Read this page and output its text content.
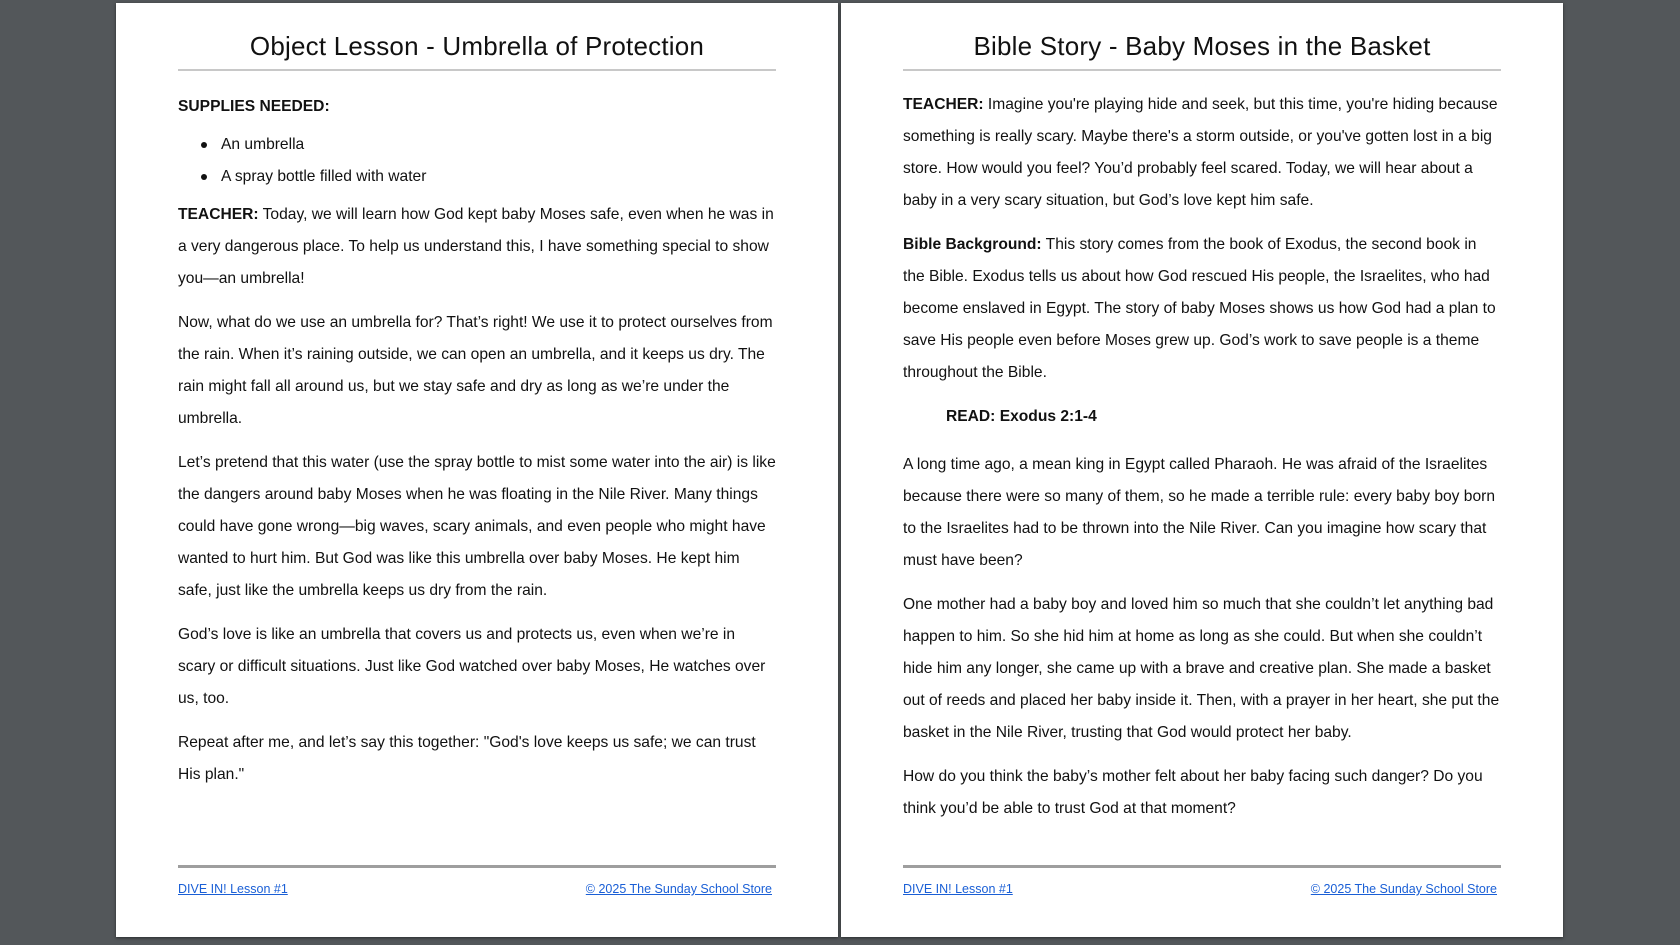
Object Lesson - Umbrella of Protection

SUPPLIES NEEDED:

An umbrella
A spray bottle filled with water

TEACHER: Today, we will learn how God kept baby Moses safe, even when he was in a very dangerous place. To help us understand this, I have something special to show you—an umbrella!

Now, what do we use an umbrella for? That’s right! We use it to protect ourselves from the rain. When it’s raining outside, we can open an umbrella, and it keeps us dry. The rain might fall all around us, but we stay safe and dry as long as we’re under the umbrella.

Let’s pretend that this water (use the spray bottle to mist some water into the air) is like the dangers around baby Moses when he was floating in the Nile River. Many things could have gone wrong—big waves, scary animals, and even people who might have wanted to hurt him. But God was like this umbrella over baby Moses. He kept him safe, just like the umbrella keeps us dry from the rain.

God’s love is like an umbrella that covers us and protects us, even when we’re in scary or difficult situations. Just like God watched over baby Moses, He watches over us, too.

Repeat after me, and let’s say this together: "God's love keeps us safe; we can trust His plan."

DIVE IN! Lesson #1	© 2025 The Sunday School Store
Bible Story - Baby Moses in the Basket

TEACHER: Imagine you're playing hide and seek, but this time, you're hiding because something is really scary. Maybe there's a storm outside, or you've gotten lost in a big store. How would you feel? You’d probably feel scared. Today, we will hear about a baby in a very scary situation, but God’s love kept him safe.

Bible Background: This story comes from the book of Exodus, the second book in the Bible. Exodus tells us about how God rescued His people, the Israelites, who had become enslaved in Egypt. The story of baby Moses shows us how God had a plan to save His people even before Moses grew up. God’s work to save people is a theme throughout the Bible.

READ: Exodus 2:1-4

A long time ago, a mean king in Egypt called Pharaoh. He was afraid of the Israelites because there were so many of them, so he made a terrible rule: every baby boy born to the Israelites had to be thrown into the Nile River. Can you imagine how scary that must have been?

One mother had a baby boy and loved him so much that she couldn’t let anything bad happen to him. So she hid him at home as long as she could. But when she couldn’t hide him any longer, she came up with a brave and creative plan. She made a basket out of reeds and placed her baby inside it. Then, with a prayer in her heart, she put the basket in the Nile River, trusting that God would protect her baby.

How do you think the baby’s mother felt about her baby facing such danger? Do you think you’d be able to trust God at that moment?

DIVE IN! Lesson #1	© 2025 The Sunday School Store
